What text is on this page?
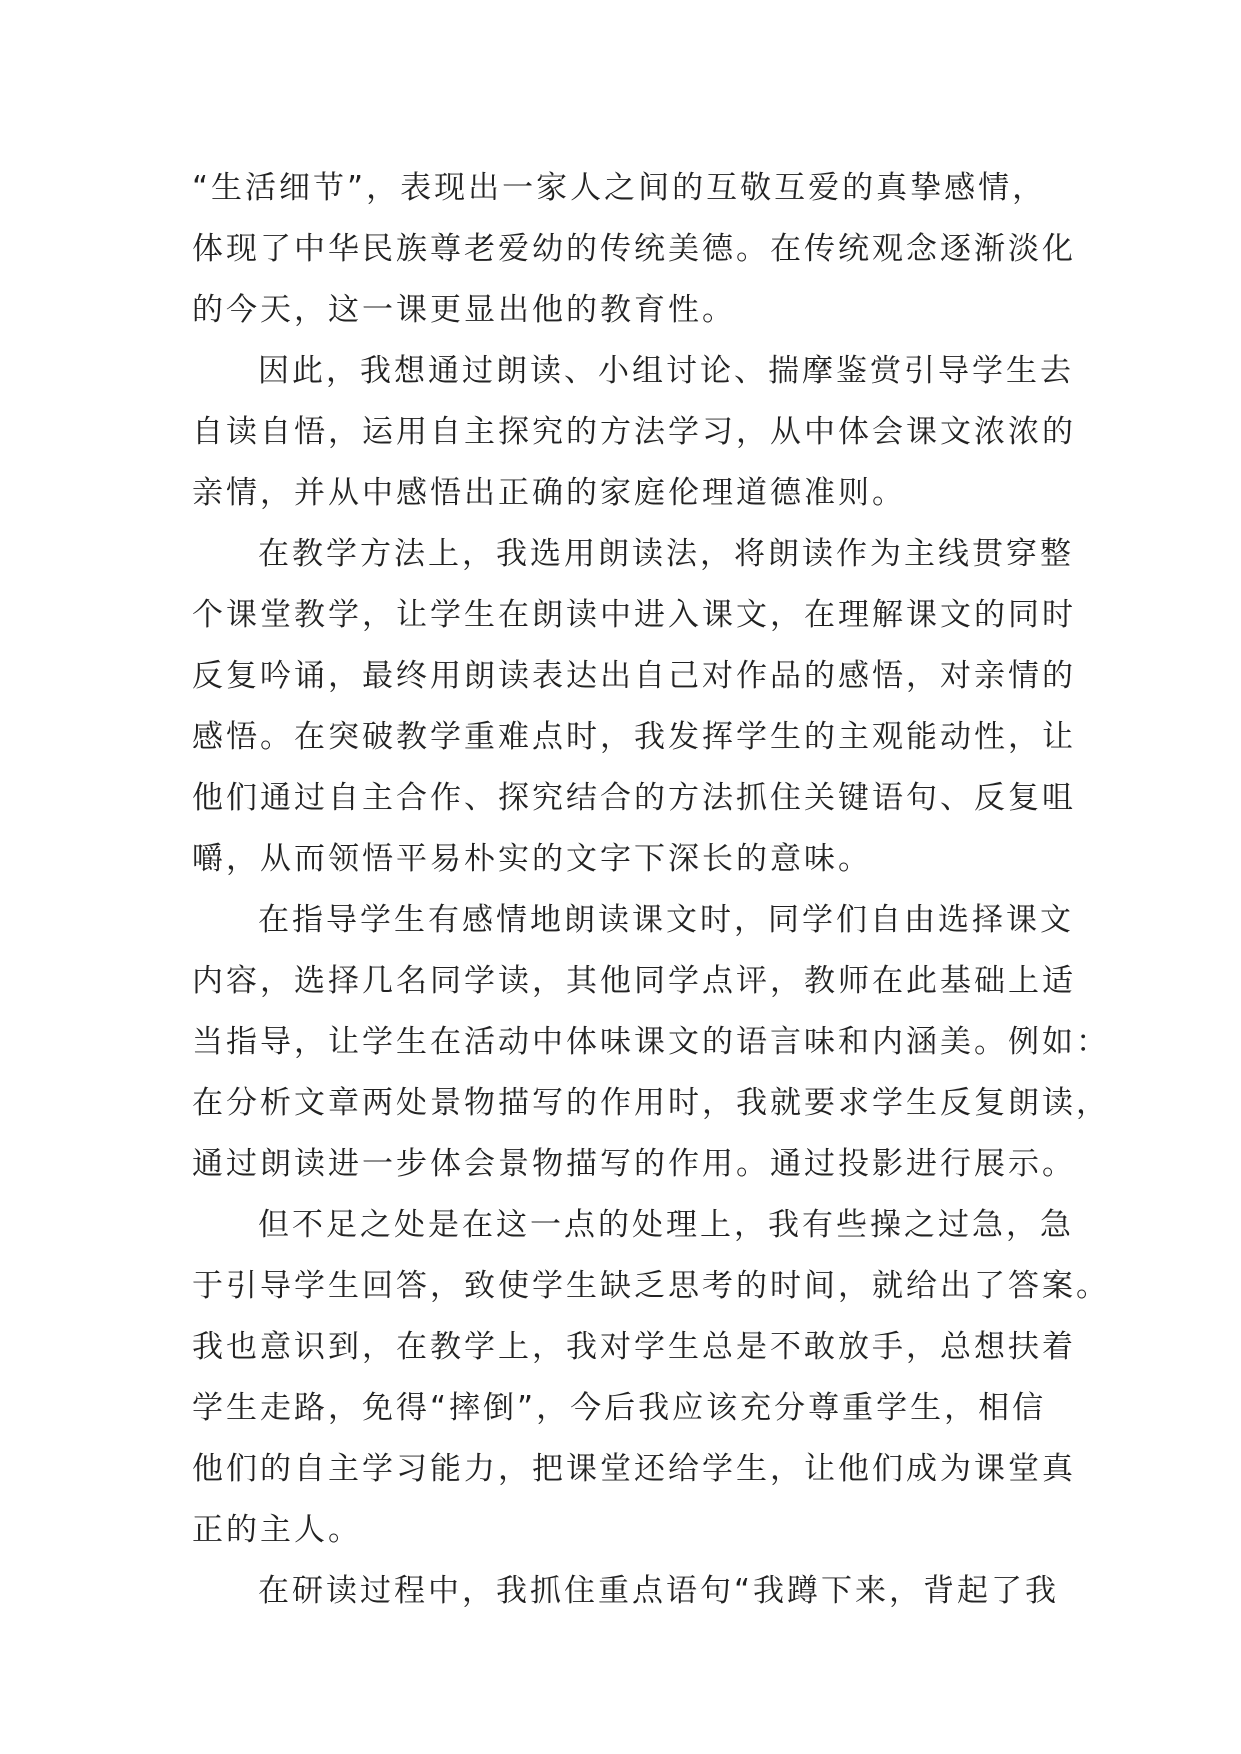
“生活细节”，表现出一家人之间的互敬互爱的真挚感情，
体现了中华民族尊老爱幼的传统美德。在传统观念逐渐淡化
的今天，这一课更显出他的教育性。

因此，我想通过朗读、小组讨论、揣摩鉴赏引导学生去
自读自悟，运用自主探究的方法学习，从中体会课文浓浓的
亲情，并从中感悟出正确的家庭伦理道德准则。

在教学方法上，我选用朗读法，将朗读作为主线贯穿整
个课堂教学，让学生在朗读中进入课文，在理解课文的同时
反复吟诵，最终用朗读表达出自己对作品的感悟，对亲情的
感悟。在突破教学重难点时，我发挥学生的主观能动性，让
他们通过自主合作、探究结合的方法抓住关键语句、反复咀
嚼，从而领悟平易朴实的文字下深长的意味。

在指导学生有感情地朗读课文时，同学们自由选择课文
内容，选择几名同学读，其他同学点评，教师在此基础上适
当指导，让学生在活动中体味课文的语言味和内涵美。例如：
在分析文章两处景物描写的作用时，我就要求学生反复朗读，
通过朗读进一步体会景物描写的作用。通过投影进行展示。

但不足之处是在这一点的处理上，我有些操之过急，急
于引导学生回答，致使学生缺乏思考的时间，就给出了答案。
我也意识到，在教学上，我对学生总是不敢放手，总想扶着
学生走路，免得“摔倒”，今后我应该充分尊重学生，相信
他们的自主学习能力，把课堂还给学生，让他们成为课堂真
正的主人。

在研读过程中，我抓住重点语句“我蹲下来，背起了我
